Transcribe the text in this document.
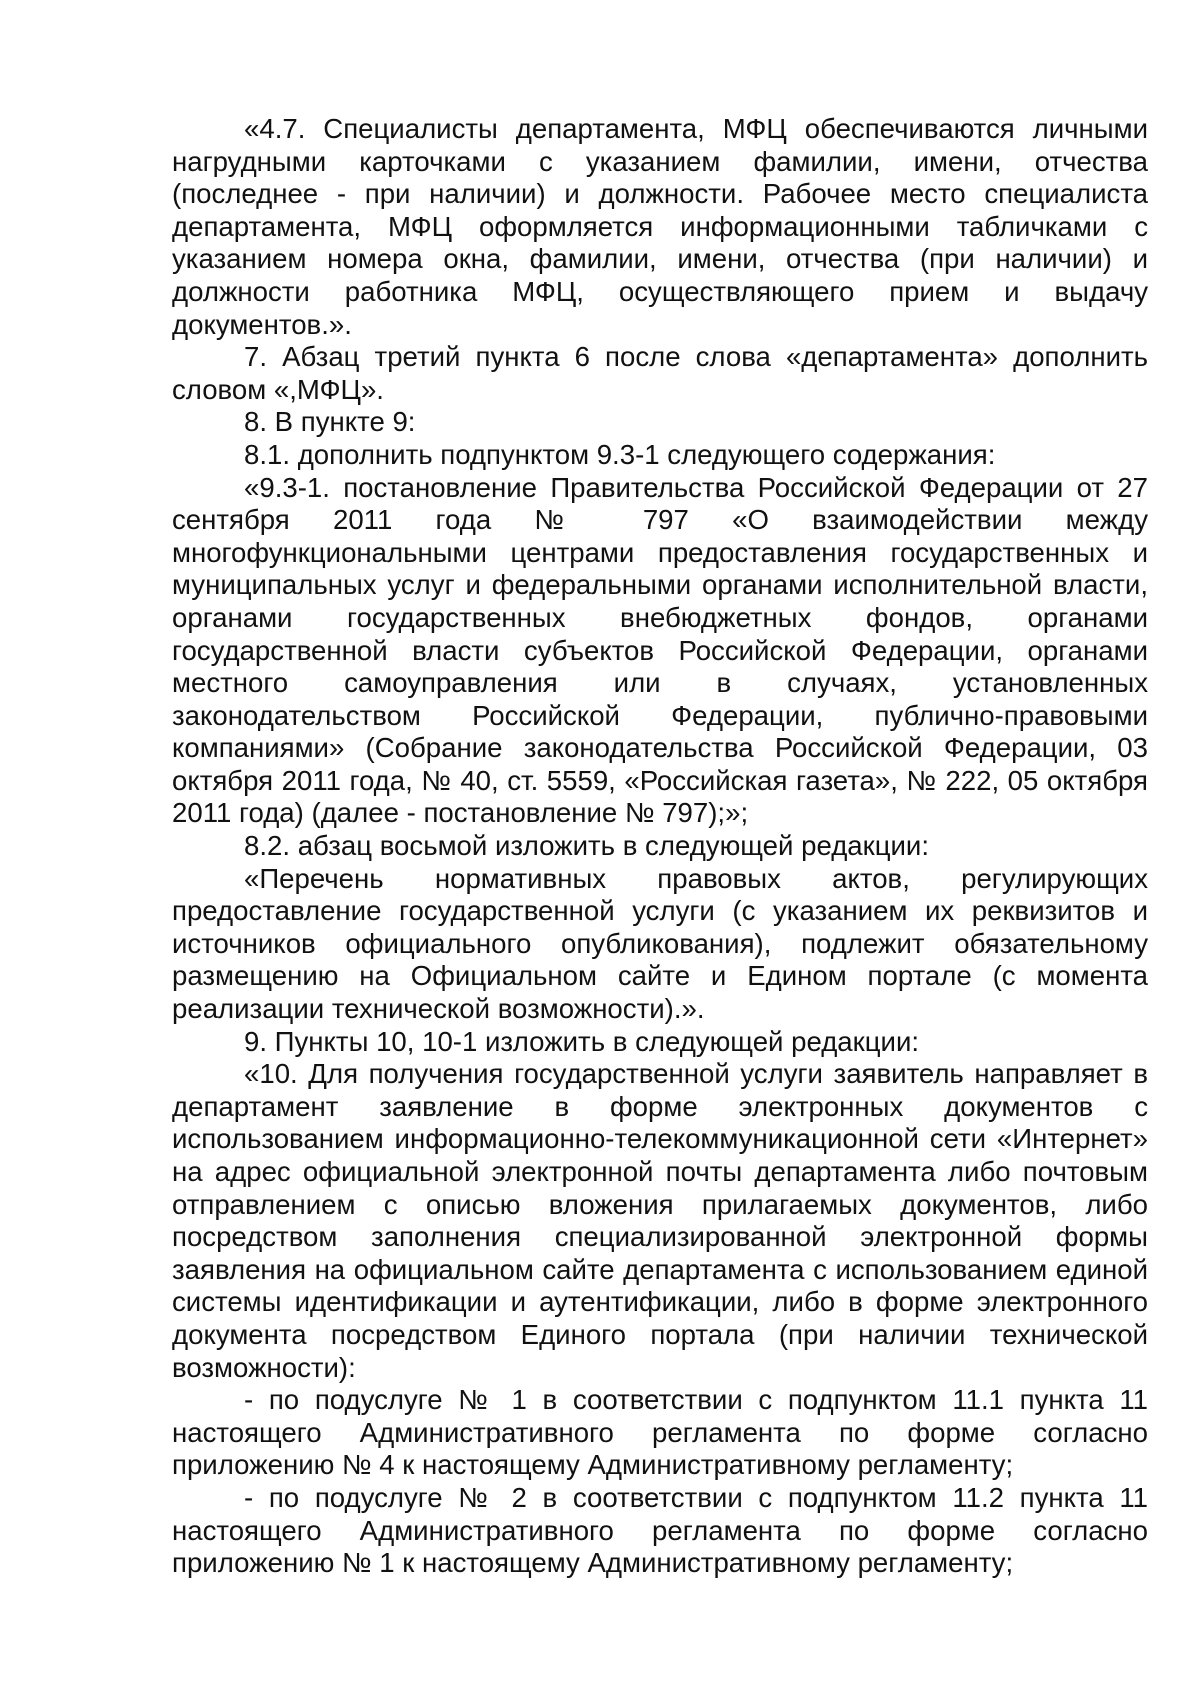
«4.7. Специалисты департамента, МФЦ обеспечиваются личными нагрудными карточками с указанием фамилии, имени, отчества (последнее - при наличии) и должности. Рабочее место специалиста департамента, МФЦ оформляется информационными табличками с указанием номера окна, фамилии, имени, отчества (при наличии) и должности работника МФЦ, осуществляющего прием и выдачу документов.».

7. Абзац третий пункта 6 после слова «департамента» дополнить словом «,МФЦ».

8. В пункте 9:

8.1. дополнить подпунктом 9.3-1 следующего содержания:

«9.3-1. постановление Правительства Российской Федерации от 27 сентября 2011 года № 797 «О взаимодействии между многофункциональными центрами предоставления государственных и муниципальных услуг и федеральными органами исполнительной власти, органами государственных внебюджетных фондов, органами государственной власти субъектов Российской Федерации, органами местного самоуправления или в случаях, установленных законодательством Российской Федерации, публично-правовыми компаниями» (Собрание законодательства Российской Федерации, 03 октября 2011 года, № 40, ст. 5559, «Российская газета», № 222, 05 октября 2011 года) (далее - постановление № 797);»;

8.2. абзац восьмой изложить в следующей редакции:

«Перечень нормативных правовых актов, регулирующих предоставление государственной услуги (с указанием их реквизитов и источников официального опубликования), подлежит обязательному размещению на Официальном сайте и Едином портале (с момента реализации технической возможности).».

9. Пункты 10, 10-1 изложить в следующей редакции:

«10. Для получения государственной услуги заявитель направляет в департамент заявление в форме электронных документов с использованием информационно-телекоммуникационной сети «Интернет» на адрес официальной электронной почты департамента либо почтовым отправлением с описью вложения прилагаемых документов, либо посредством заполнения специализированной электронной формы заявления на официальном сайте департамента с использованием единой системы идентификации и аутентификации, либо в форме электронного документа посредством Единого портала (при наличии технической возможности):

- по подуслуге № 1 в соответствии с подпунктом 11.1 пункта 11 настоящего Административного регламента по форме согласно приложению № 4 к настоящему Административному регламенту;

- по подуслуге № 2 в соответствии с подпунктом 11.2 пункта 11 настоящего Административного регламента по форме согласно приложению № 1 к настоящему Административному регламенту;
